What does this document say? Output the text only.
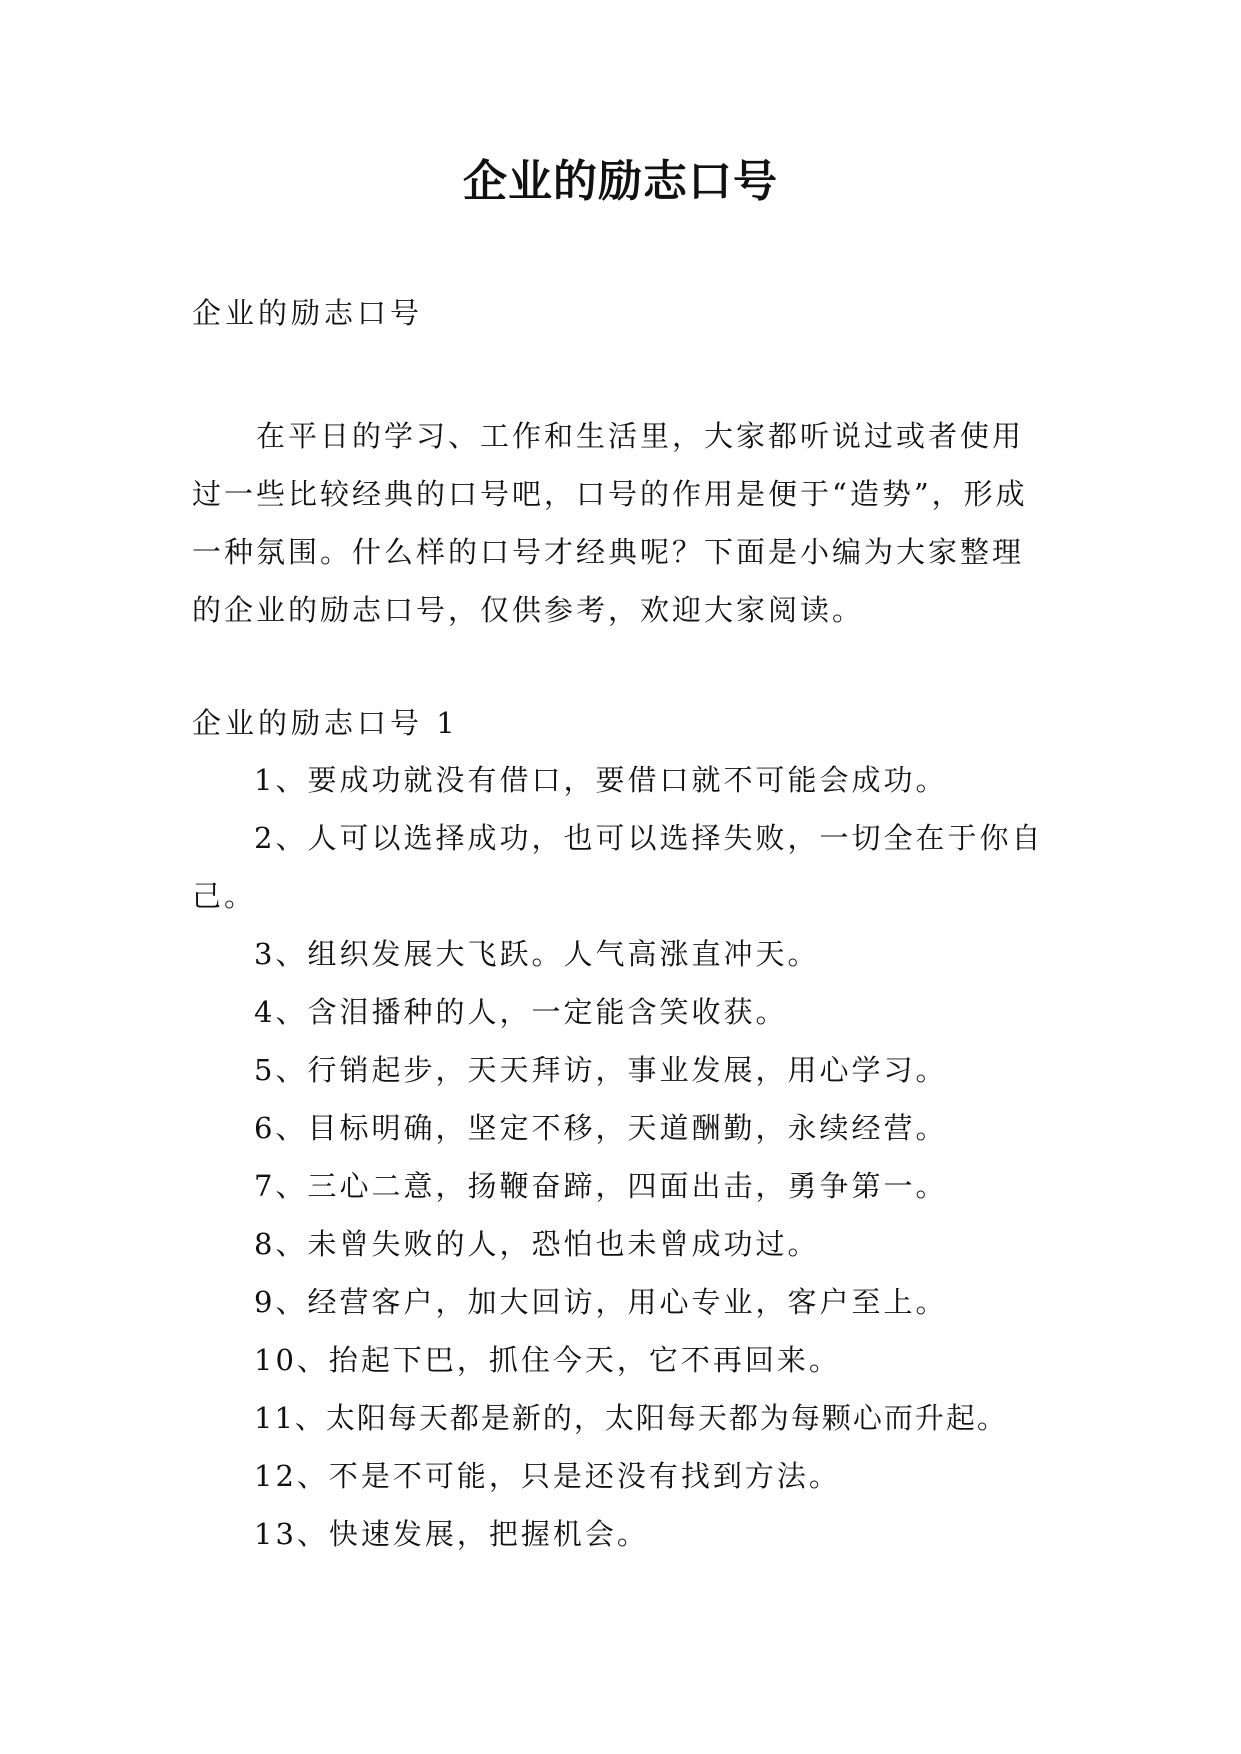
企业的励志口号

企业的励志口号

在平日的学习、工作和生活里，大家都听说过或者使用过一些比较经典的口号吧，口号的作用是便于“造势”，形成一种氛围。什么样的口号才经典呢？下面是小编为大家整理的企业的励志口号，仅供参考，欢迎大家阅读。

企业的励志口号 1

1、要成功就没有借口，要借口就不可能会成功。
2、人可以选择成功，也可以选择失败，一切全在于你自己。
3、组织发展大飞跃。人气高涨直冲天。
4、含泪播种的人，一定能含笑收获。
5、行销起步，天天拜访，事业发展，用心学习。
6、目标明确，坚定不移，天道酬勤，永续经营。
7、三心二意，扬鞭奋蹄，四面出击，勇争第一。
8、未曾失败的人，恐怕也未曾成功过。
9、经营客户，加大回访，用心专业，客户至上。
10、抬起下巴，抓住今天，它不再回来。
11、太阳每天都是新的，太阳每天都为每颗心而升起。
12、不是不可能，只是还没有找到方法。
13、快速发展，把握机会。
